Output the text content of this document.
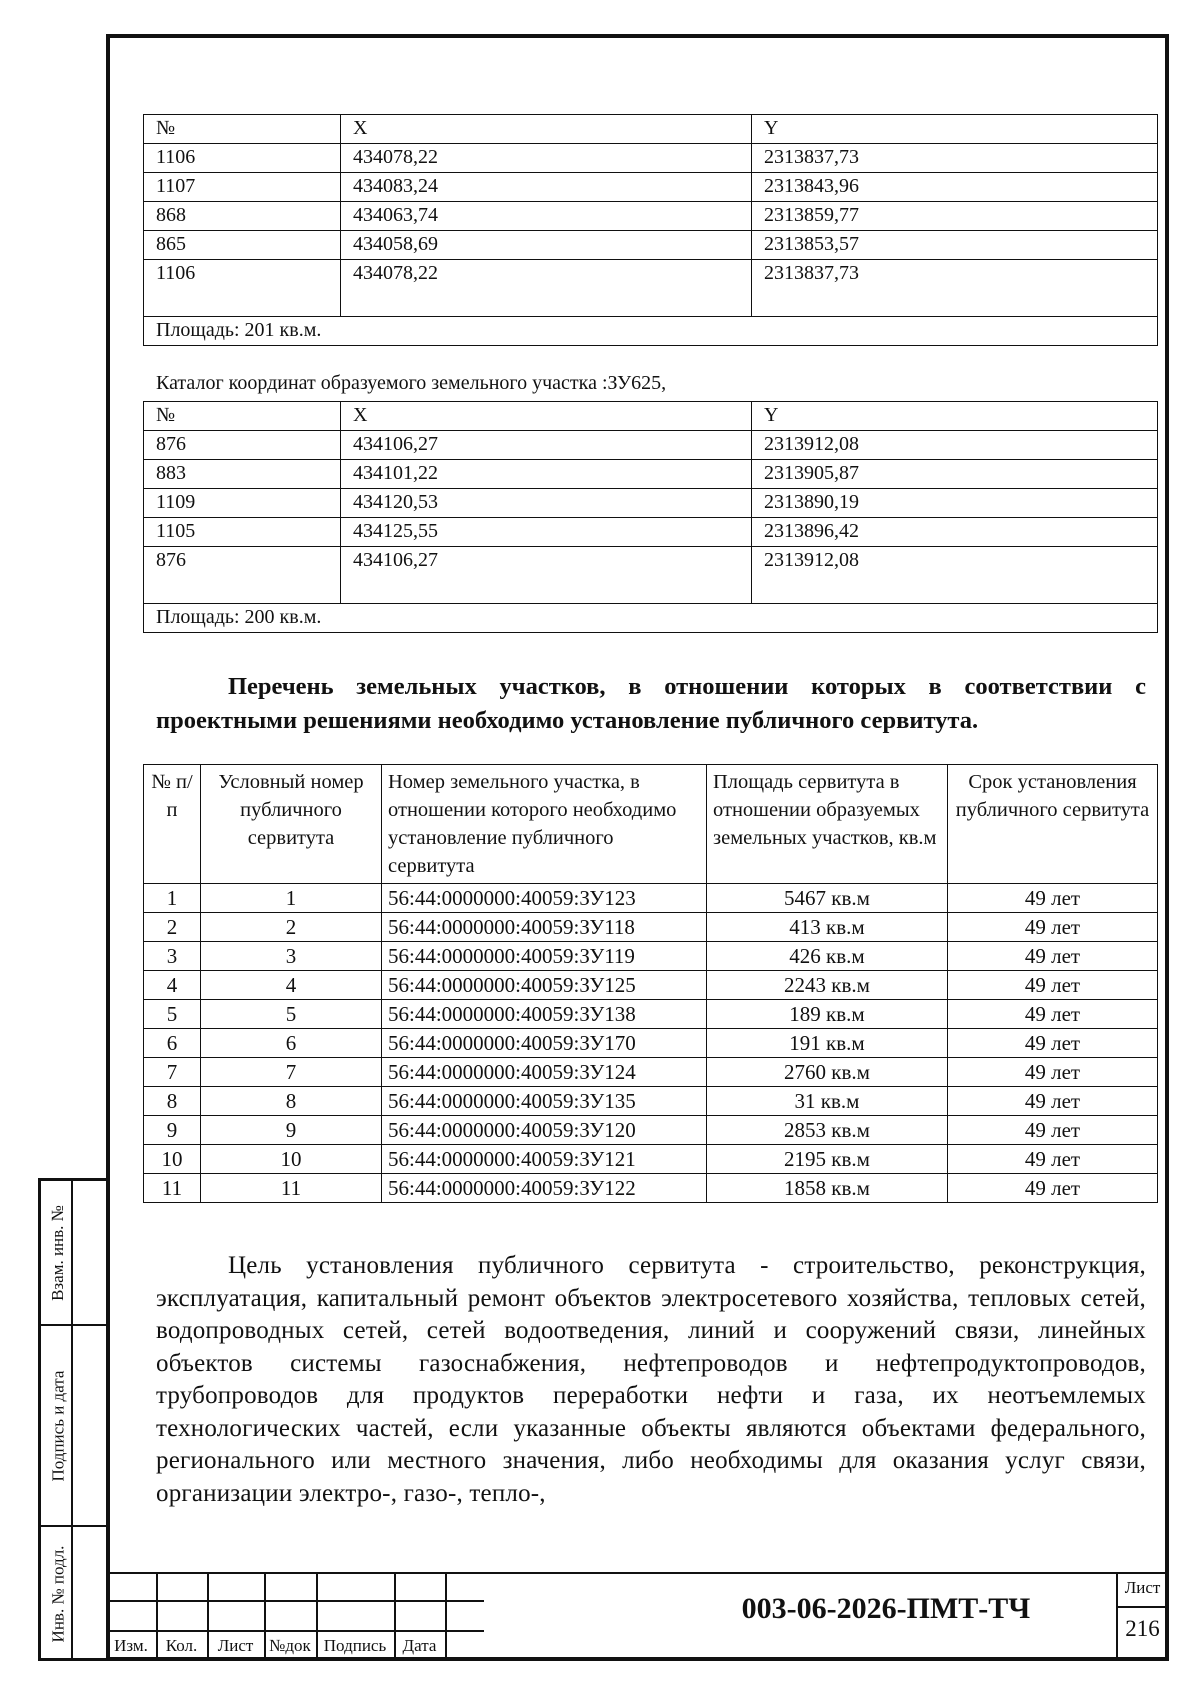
№	X	Y
1106	434078,22	2313837,73
1107	434083,24	2313843,96
868	434063,74	2313859,77
865	434058,69	2313853,57
1106	434078,22	2313837,73
Площадь: 201 кв.м.		
Каталог координат образуемого земельного участка :ЗУ625,
№	X	Y
876	434106,27	2313912,08
883	434101,22	2313905,87
1109	434120,53	2313890,19
1105	434125,55	2313896,42
876	434106,27	2313912,08
Площадь: 200 кв.м.		
Перечень земельных участков, в отношении которых в соответствии с проектными решениями необходимо установление публичного сервитута.
№ п/п	Условный номер публичного сервитута	Номер земельного участка, в отношении которого необходимо установление публичного сервитута	Площадь сервитута в отношении образуемых земельных участков, кв.м	Срок установления публичного сервитута
1	1	56:44:0000000:40059:ЗУ123	5467 кв.м	49 лет
2	2	56:44:0000000:40059:ЗУ118	413 кв.м	49 лет
3	3	56:44:0000000:40059:ЗУ119	426 кв.м	49 лет
4	4	56:44:0000000:40059:ЗУ125	2243 кв.м	49 лет
5	5	56:44:0000000:40059:ЗУ138	189 кв.м	49 лет
6	6	56:44:0000000:40059:ЗУ170	191 кв.м	49 лет
7	7	56:44:0000000:40059:ЗУ124	2760 кв.м	49 лет
8	8	56:44:0000000:40059:ЗУ135	31 кв.м	49 лет
9	9	56:44:0000000:40059:ЗУ120	2853 кв.м	49 лет
10	10	56:44:0000000:40059:ЗУ121	2195 кв.м	49 лет
11	11	56:44:0000000:40059:ЗУ122	1858 кв.м	49 лет
Цель установления публичного сервитута - строительство, реконструкция, эксплуатация, капитальный ремонт объектов электросетевого хозяйства, тепловых сетей, водопроводных сетей, сетей водоотведения, линий и сооружений связи, линейных объектов системы газоснабжения, нефтепроводов и нефтепродуктопроводов, трубопроводов для продуктов переработки нефти и газа, их неотъемлемых технологических частей, если указанные объекты являются объектами федерального, регионального или местного значения, либо необходимы для оказания услуг связи, организации электро-, газо-, тепло-,
Взам. инв. №
Подпись и дата
Инв. № подл.
Изм.	Кол.	Лист №док Подпись Дата
003-06-2026-ПМТ-ТЧ
Лист
216
